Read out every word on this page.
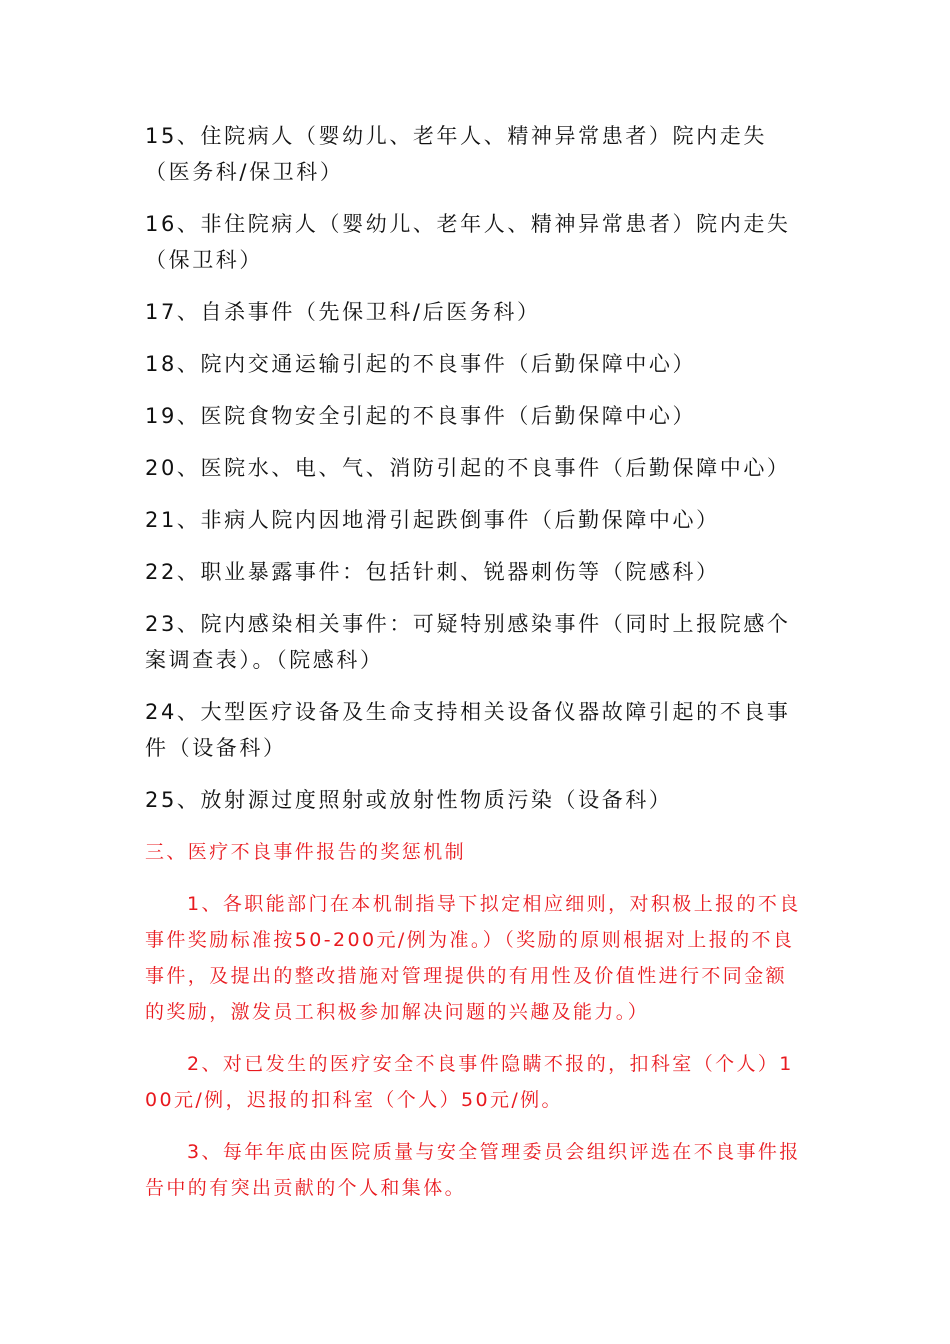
15、住院病人（婴幼儿、老年人、精神异常患者）院内走失（医务科/保卫科）

16、非住院病人（婴幼儿、老年人、精神异常患者）院内走失（保卫科）

17、自杀事件（先保卫科/后医务科）

18、院内交通运输引起的不良事件（后勤保障中心）

19、医院食物安全引起的不良事件（后勤保障中心）

20、医院水、电、气、消防引起的不良事件（后勤保障中心）

21、非病人院内因地滑引起跌倒事件（后勤保障中心）

22、职业暴露事件：包括针刺、锐器刺伤等（院感科）

23、院内感染相关事件：可疑特别感染事件（同时上报院感个案调查表）。（院感科）

24、大型医疗设备及生命支持相关设备仪器故障引起的不良事件（设备科）

25、放射源过度照射或放射性物质污染（设备科）

三、医疗不良事件报告的奖惩机制

1、各职能部门在本机制指导下拟定相应细则，对积极上报的不良事件奖励标准按50-200元/例为准。）（奖励的原则根据对上报的不良事件，及提出的整改措施对管理提供的有用性及价值性进行不同金额的奖励，激发员工积极参加解决问题的兴趣及能力。）

2、对已发生的医疗安全不良事件隐瞒不报的，扣科室（个人）100元/例，迟报的扣科室（个人）50元/例。

3、每年年底由医院质量与安全管理委员会组织评选在不良事件报告中的有突出贡献的个人和集体。
